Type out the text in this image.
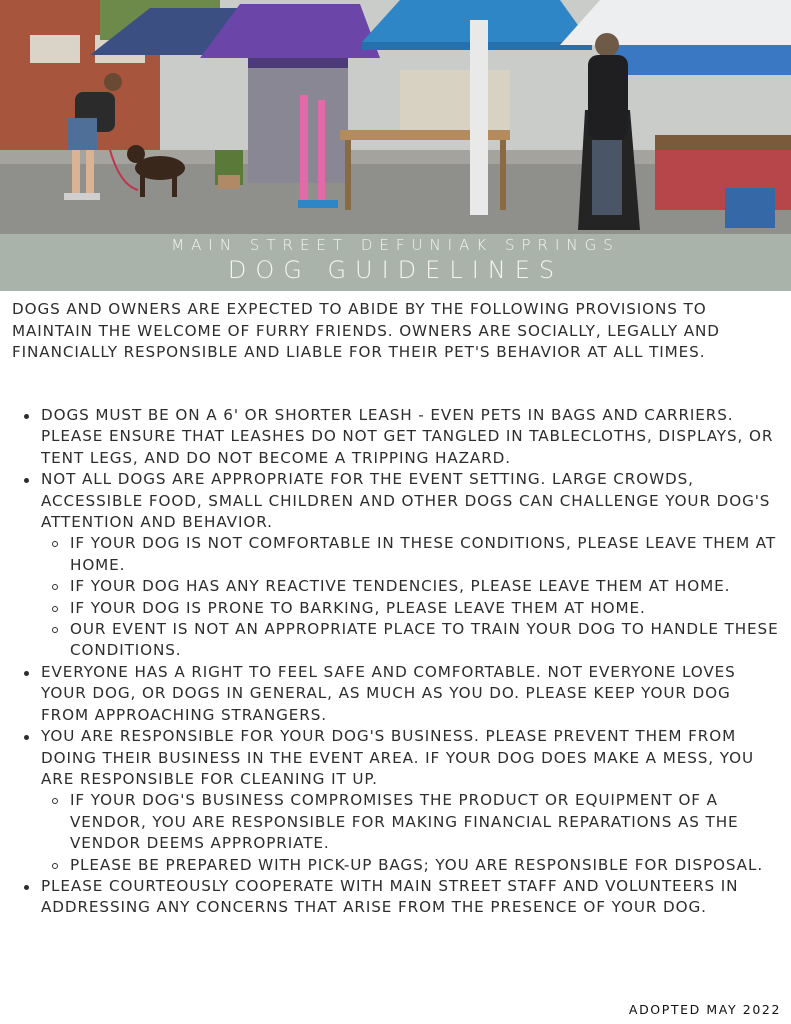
MAIN STREET DEFUNIAK SPRINGS
DOG GUIDELINES
DOGS AND OWNERS ARE EXPECTED TO ABIDE BY THE FOLLOWING PROVISIONS TO MAINTAIN THE WELCOME OF FURRY FRIENDS. OWNERS ARE SOCIALLY, LEGALLY AND FINANCIALLY RESPONSIBLE AND LIABLE FOR THEIR PET'S BEHAVIOR AT ALL TIMES.
DOGS MUST BE ON A 6' OR SHORTER LEASH - EVEN PETS IN BAGS AND CARRIERS. PLEASE ENSURE THAT LEASHES DO NOT GET TANGLED IN TABLECLOTHS, DISPLAYS, OR TENT LEGS, AND DO NOT BECOME A TRIPPING HAZARD.
NOT ALL DOGS ARE APPROPRIATE FOR THE EVENT SETTING. LARGE CROWDS, ACCESSIBLE FOOD, SMALL CHILDREN AND OTHER DOGS CAN CHALLENGE YOUR DOG'S ATTENTION AND BEHAVIOR.
IF YOUR DOG IS NOT COMFORTABLE IN THESE CONDITIONS, PLEASE LEAVE THEM AT HOME.
IF YOUR DOG HAS ANY REACTIVE TENDENCIES, PLEASE LEAVE THEM AT HOME.
IF YOUR DOG IS PRONE TO BARKING, PLEASE LEAVE THEM AT HOME.
OUR EVENT IS NOT AN APPROPRIATE PLACE TO TRAIN YOUR DOG TO HANDLE THESE CONDITIONS.
EVERYONE HAS A RIGHT TO FEEL SAFE AND COMFORTABLE. NOT EVERYONE LOVES YOUR DOG, OR DOGS IN GENERAL, AS MUCH AS YOU DO. PLEASE KEEP YOUR DOG FROM APPROACHING STRANGERS.
YOU ARE RESPONSIBLE FOR YOUR DOG'S BUSINESS. PLEASE PREVENT THEM FROM DOING THEIR BUSINESS IN THE EVENT AREA. IF YOUR DOG DOES MAKE A MESS, YOU ARE RESPONSIBLE FOR CLEANING IT UP.
IF YOUR DOG'S BUSINESS COMPROMISES THE PRODUCT OR EQUIPMENT OF A VENDOR, YOU ARE RESPONSIBLE FOR MAKING FINANCIAL REPARATIONS AS THE VENDOR DEEMS APPROPRIATE.
PLEASE BE PREPARED WITH PICK-UP BAGS; YOU ARE RESPONSIBLE FOR DISPOSAL.
PLEASE COURTEOUSLY COOPERATE WITH MAIN STREET STAFF AND VOLUNTEERS IN ADDRESSING ANY CONCERNS THAT ARISE FROM THE PRESENCE OF YOUR DOG.
ADOPTED MAY 2022
